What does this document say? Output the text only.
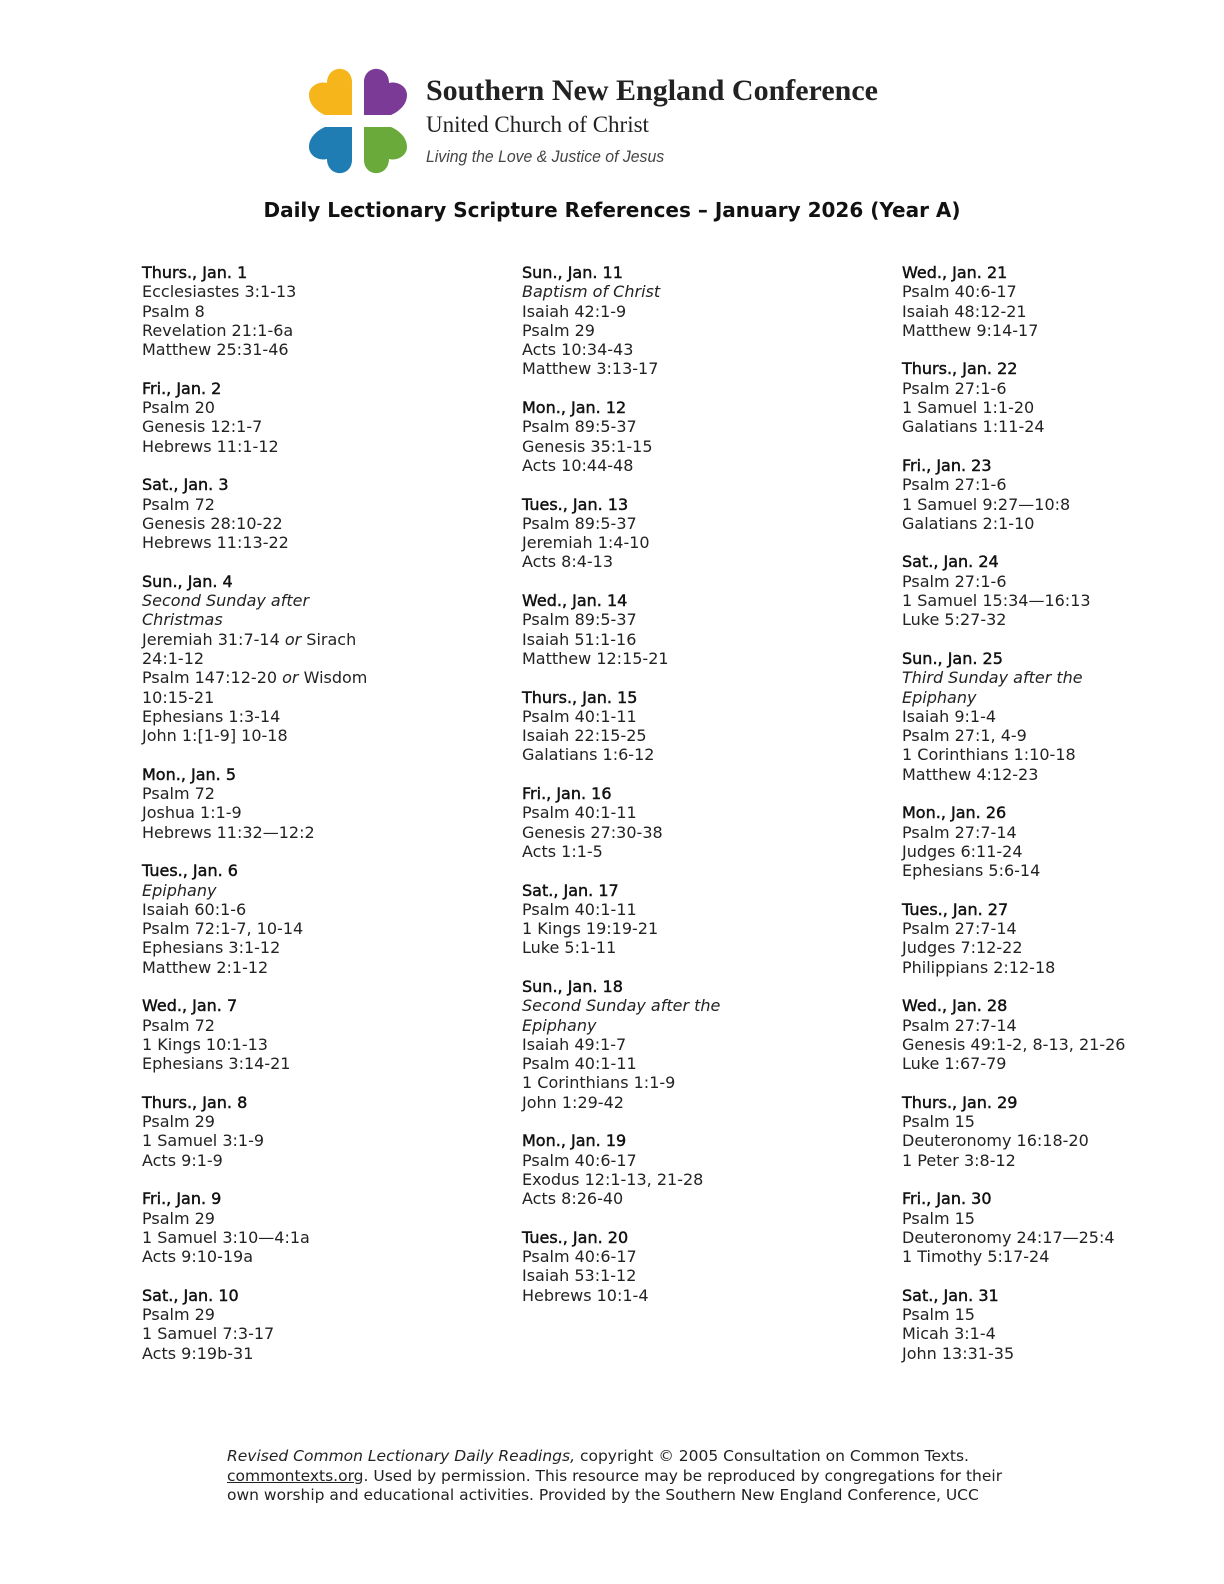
Southern New England Conference
United Church of Christ
Living the Love & Justice of Jesus
Daily Lectionary Scripture References – January 2026 (Year A)
Thurs., Jan. 1
Ecclesiastes 3:1-13
Psalm 8
Revelation 21:1-6a
Matthew 25:31-46
Fri., Jan. 2
Psalm 20
Genesis 12:1-7
Hebrews 11:1-12
Sat., Jan. 3
Psalm 72
Genesis 28:10-22
Hebrews 11:13-22
Sun., Jan. 4
Second Sunday after
Christmas
Jeremiah 31:7-14 or Sirach
24:1-12
Psalm 147:12-20 or Wisdom
10:15-21
Ephesians 1:3-14
John 1:[1-9] 10-18
Mon., Jan. 5
Psalm 72
Joshua 1:1-9
Hebrews 11:32—12:2
Tues., Jan. 6
Epiphany
Isaiah 60:1-6
Psalm 72:1-7, 10-14
Ephesians 3:1-12
Matthew 2:1-12
Wed., Jan. 7
Psalm 72
1 Kings 10:1-13
Ephesians 3:14-21
Thurs., Jan. 8
Psalm 29
1 Samuel 3:1-9
Acts 9:1-9
Fri., Jan. 9
Psalm 29
1 Samuel 3:10—4:1a
Acts 9:10-19a
Sat., Jan. 10
Psalm 29
1 Samuel 7:3-17
Acts 9:19b-31
Sun., Jan. 11
Baptism of Christ
Isaiah 42:1-9
Psalm 29
Acts 10:34-43
Matthew 3:13-17
Mon., Jan. 12
Psalm 89:5-37
Genesis 35:1-15
Acts 10:44-48
Tues., Jan. 13
Psalm 89:5-37
Jeremiah 1:4-10
Acts 8:4-13
Wed., Jan. 14
Psalm 89:5-37
Isaiah 51:1-16
Matthew 12:15-21
Thurs., Jan. 15
Psalm 40:1-11
Isaiah 22:15-25
Galatians 1:6-12
Fri., Jan. 16
Psalm 40:1-11
Genesis 27:30-38
Acts 1:1-5
Sat., Jan. 17
Psalm 40:1-11
1 Kings 19:19-21
Luke 5:1-11
Sun., Jan. 18
Second Sunday after the
Epiphany
Isaiah 49:1-7
Psalm 40:1-11
1 Corinthians 1:1-9
John 1:29-42
Mon., Jan. 19
Psalm 40:6-17
Exodus 12:1-13, 21-28
Acts 8:26-40
Tues., Jan. 20
Psalm 40:6-17
Isaiah 53:1-12
Hebrews 10:1-4
Wed., Jan. 21
Psalm 40:6-17
Isaiah 48:12-21
Matthew 9:14-17
Thurs., Jan. 22
Psalm 27:1-6
1 Samuel 1:1-20
Galatians 1:11-24
Fri., Jan. 23
Psalm 27:1-6
1 Samuel 9:27—10:8
Galatians 2:1-10
Sat., Jan. 24
Psalm 27:1-6
1 Samuel 15:34—16:13
Luke 5:27-32
Sun., Jan. 25
Third Sunday after the
Epiphany
Isaiah 9:1-4
Psalm 27:1, 4-9
1 Corinthians 1:10-18
Matthew 4:12-23
Mon., Jan. 26
Psalm 27:7-14
Judges 6:11-24
Ephesians 5:6-14
Tues., Jan. 27
Psalm 27:7-14
Judges 7:12-22
Philippians 2:12-18
Wed., Jan. 28
Psalm 27:7-14
Genesis 49:1-2, 8-13, 21-26
Luke 1:67-79
Thurs., Jan. 29
Psalm 15
Deuteronomy 16:18-20
1 Peter 3:8-12
Fri., Jan. 30
Psalm 15
Deuteronomy 24:17—25:4
1 Timothy 5:17-24
Sat., Jan. 31
Psalm 15
Micah 3:1-4
John 13:31-35
Revised Common Lectionary Daily Readings, copyright © 2005 Consultation on Common Texts.
commontexts.org. Used by permission. This resource may be reproduced by congregations for their
own worship and educational activities. Provided by the Southern New England Conference, UCC
